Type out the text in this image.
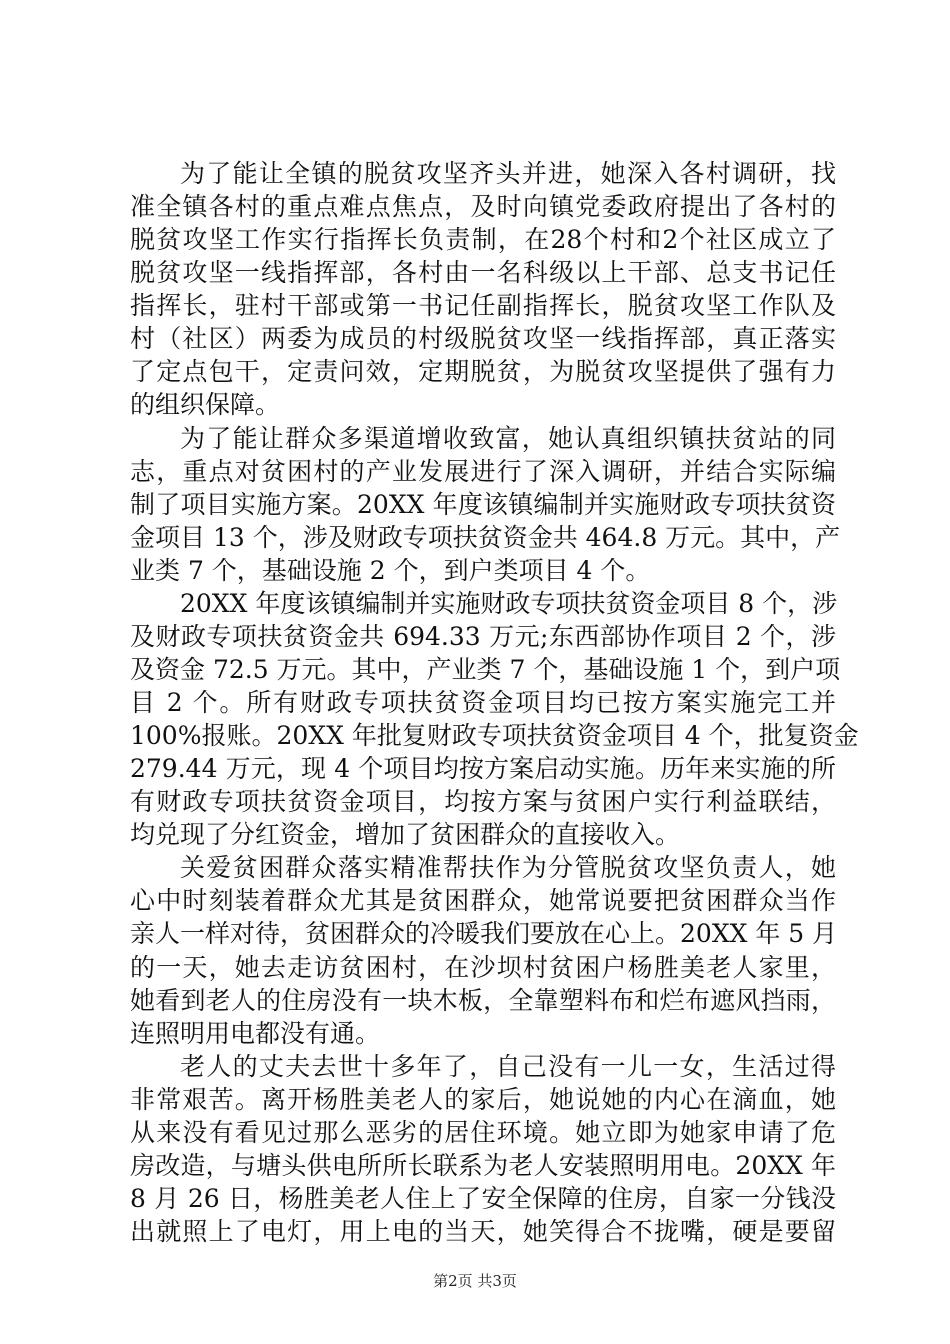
为了能让全镇的脱贫攻坚齐头并进，她深入各村调研，找
准全镇各村的重点难点焦点，及时向镇党委政府提出了各村的
脱贫攻坚工作实行指挥长负责制，在28个村和2个社区成立了
脱贫攻坚一线指挥部，各村由一名科级以上干部、总支书记任
指挥长，驻村干部或第一书记任副指挥长，脱贫攻坚工作队及
村（社区）两委为成员的村级脱贫攻坚一线指挥部，真正落实
了定点包干，定责问效，定期脱贫，为脱贫攻坚提供了强有力
的组织保障。
为了能让群众多渠道增收致富，她认真组织镇扶贫站的同
志，重点对贫困村的产业发展进行了深入调研，并结合实际编
制了项目实施方案。20XX 年度该镇编制并实施财政专项扶贫资
金项目 13 个，涉及财政专项扶贫资金共 464.8 万元。其中，产
业类 7 个，基础设施 2 个，到户类项目 4 个。
20XX 年度该镇编制并实施财政专项扶贫资金项目 8 个，涉
及财政专项扶贫资金共 694.33 万元;东西部协作项目 2 个，涉
及资金 72.5 万元。其中，产业类 7 个，基础设施 1 个，到户项
目 2 个。所有财政专项扶贫资金项目均已按方案实施完工并
100%报账。20XX 年批复财政专项扶贫资金项目 4 个，批复资金
279.44 万元，现 4 个项目均按方案启动实施。历年来实施的所
有财政专项扶贫资金项目，均按方案与贫困户实行利益联结，
均兑现了分红资金，增加了贫困群众的直接收入。
关爱贫困群众落实精准帮扶作为分管脱贫攻坚负责人，她
心中时刻装着群众尤其是贫困群众，她常说要把贫困群众当作
亲人一样对待，贫困群众的冷暖我们要放在心上。20XX 年 5 月
的一天，她去走访贫困村，在沙坝村贫困户杨胜美老人家里，
她看到老人的住房没有一块木板，全靠塑料布和烂布遮风挡雨，
连照明用电都没有通。
老人的丈夫去世十多年了，自己没有一儿一女，生活过得
非常艰苦。离开杨胜美老人的家后，她说她的内心在滴血，她
从来没有看见过那么恶劣的居住环境。她立即为她家申请了危
房改造，与塘头供电所所长联系为老人安装照明用电。20XX 年
8 月 26 日，杨胜美老人住上了安全保障的住房，自家一分钱没
出就照上了电灯，用上电的当天，她笑得合不拢嘴，硬是要留
第2页 共3页
